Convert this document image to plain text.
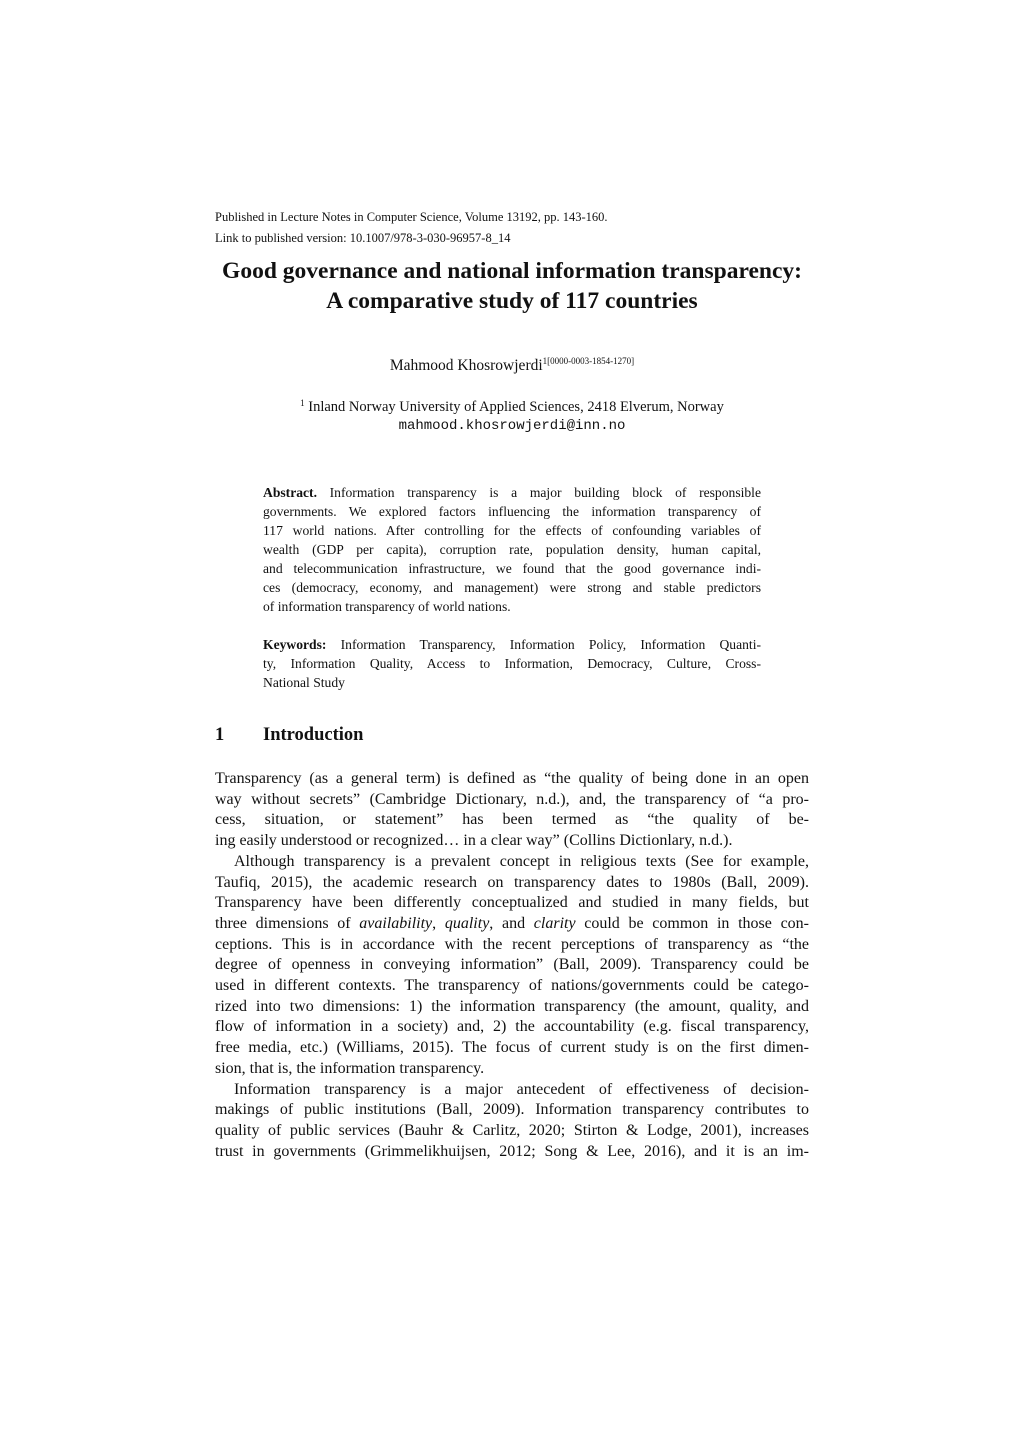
Published in Lecture Notes in Computer Science, Volume 13192, pp. 143-160.
Link to published version: 10.1007/978-3-030-96957-8_14
Good governance and national information transparency:
A comparative study of 117 countries
Mahmood Khosrowjerdi$^{1[0000-0003-1854-1270]}$
$^1$ Inland Norway University of Applied Sciences, 2418 Elverum, Norway
mahmood.khosrowjerdi@inn.no
Abstract. Information transparency is a major building block of responsible
governments. We explored factors influencing the information transparency of
117 world nations. After controlling for the effects of confounding variables of
wealth (GDP per capita), corruption rate, population density, human capital,
and telecommunication infrastructure, we found that the good governance indi-
ces (democracy, economy, and management) were strong and stable predictors
of information transparency of world nations.
Keywords: Information Transparency, Information Policy, Information Quanti-
ty, Information Quality, Access to Information, Democracy, Culture, Cross-
National Study
1 Introduction
Transparency (as a general term) is defined as “the quality of being done in an open
way without secrets” (Cambridge Dictionary, n.d.), and, the transparency of “a pro-
cess, situation, or statement” has been termed as “the quality of be-
ing easily understood or recognized… in a clear way” (Collins Dictionlary, n.d.).
Although transparency is a prevalent concept in religious texts (See for example,
Taufiq, 2015), the academic research on transparency dates to 1980s (Ball, 2009).
Transparency have been differently conceptualized and studied in many fields, but
three dimensions of availability, quality, and clarity could be common in those con-
ceptions. This is in accordance with the recent perceptions of transparency as “the
degree of openness in conveying information” (Ball, 2009). Transparency could be
used in different contexts. The transparency of nations/governments could be catego-
rized into two dimensions: 1) the information transparency (the amount, quality, and
flow of information in a society) and, 2) the accountability (e.g. fiscal transparency,
free media, etc.) (Williams, 2015). The focus of current study is on the first dimen-
sion, that is, the information transparency.
Information transparency is a major antecedent of effectiveness of decision-
makings of public institutions (Ball, 2009). Information transparency contributes to
quality of public services (Bauhr & Carlitz, 2020; Stirton & Lodge, 2001), increases
trust in governments (Grimmelikhuijsen, 2012; Song & Lee, 2016), and it is an im-
